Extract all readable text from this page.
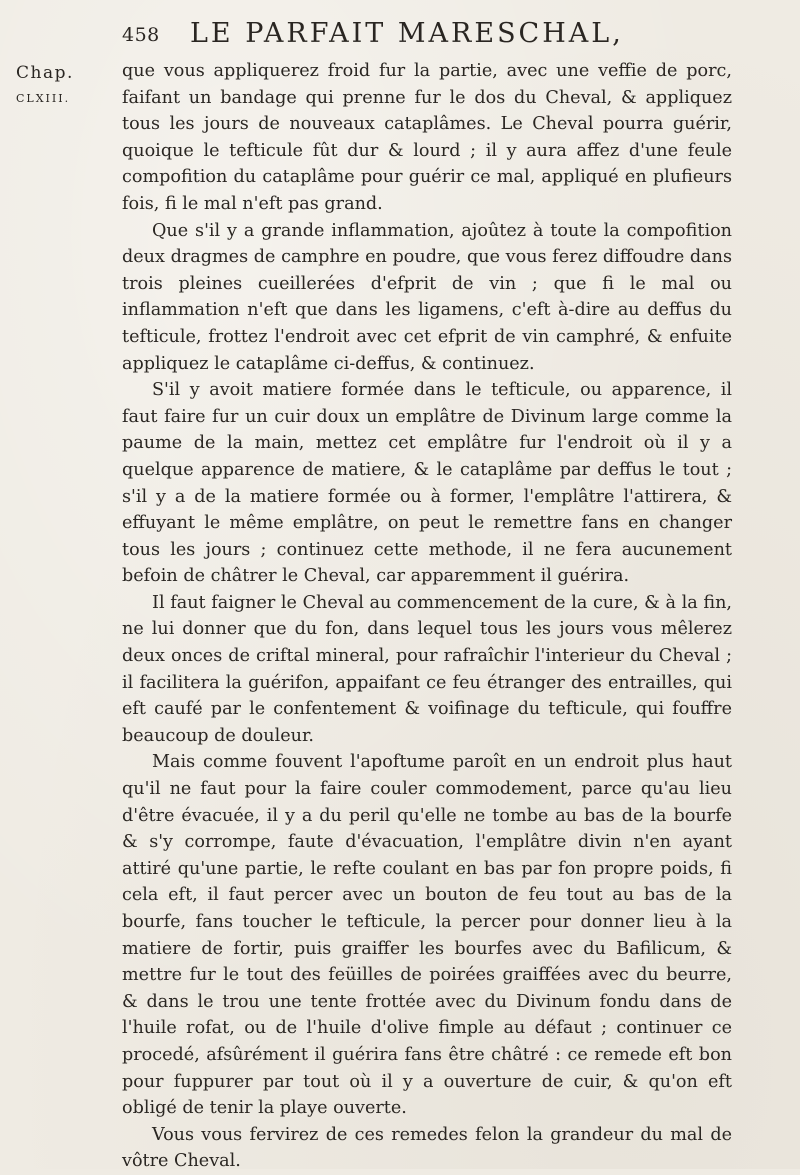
458 LE PARFAIT MARESCHAL,
Chap.
CLXIII.

que vous appliquerez froid fur la partie, avec une veffie de porc, faifant un bandage qui prenne fur le dos du Cheval, & appliquez tous les jours de nouveaux cataplâmes. Le Cheval pourra guérir, quoique le tefticule fût dur & lourd ; il y aura affez d'une feule compofition du cataplâme pour guérir ce mal, appliqué en plufieurs fois, fi le mal n'eft pas grand.

Que s'il y a grande inflammation, ajoûtez à toute la compofition deux dragmes de camphre en poudre, que vous ferez diffoudre dans trois pleines cueillerées d'efprit de vin ; que fi le mal ou inflammation n'eft que dans les ligamens, c'eft à-dire au deffus du tefticule, frottez l'endroit avec cet efprit de vin camphré, & enfuite appliquez le cataplâme ci-deffus, & continuez.

S'il y avoit matiere formée dans le tefticule, ou apparence, il faut faire fur un cuir doux un emplâtre de Divinum large comme la paume de la main, mettez cet emplâtre fur l'endroit où il y a quelque apparence de matiere, & le cataplâme par deffus le tout ; s'il y a de la matiere formée ou à former, l'emplâtre l'attirera, & effuyant le même emplâtre, on peut le remettre fans en changer tous les jours ; continuez cette methode, il ne fera aucunement befoin de châtrer le Cheval, car apparemment il guérira.

Il faut faigner le Cheval au commencement de la cure, & à la fin, ne lui donner que du fon, dans lequel tous les jours vous mêlerez deux onces de criftal mineral, pour rafraîchir l'interieur du Cheval ; il facilitera la guérifon, appaifant ce feu étranger des entrailles, qui eft caufé par le confentement & voifinage du tefticule, qui fouffre beaucoup de douleur.

Mais comme fouvent l'apoftume paroît en un endroit plus haut qu'il ne faut pour la faire couler commodement, parce qu'au lieu d'être évacuée, il y a du peril qu'elle ne tombe au bas de la bourfe & s'y corrompe, faute d'évacuation, l'emplâtre divin n'en ayant attiré qu'une partie, le refte coulant en bas par fon propre poids, fi cela eft, il faut percer avec un bouton de feu tout au bas de la bourfe, fans toucher le tefticule, la percer pour donner lieu à la matiere de fortir, puis graiffer les bourfes avec du Bafilicum, & mettre fur le tout des feüilles de poirées graiffées avec du beurre, & dans le trou une tente frottée avec du Divinum fondu dans de l'huile rofat, ou de l'huile d'olive fimple au défaut ; continuer ce procedé, afsûrément il guérira fans être châtré : ce remede eft bon pour fuppurer par tout où il y a ouverture de cuir, & qu'on eft obligé de tenir la playe ouverte.

Vous vous fervirez de ces remedes felon la grandeur du mal de vôtre Cheval.
